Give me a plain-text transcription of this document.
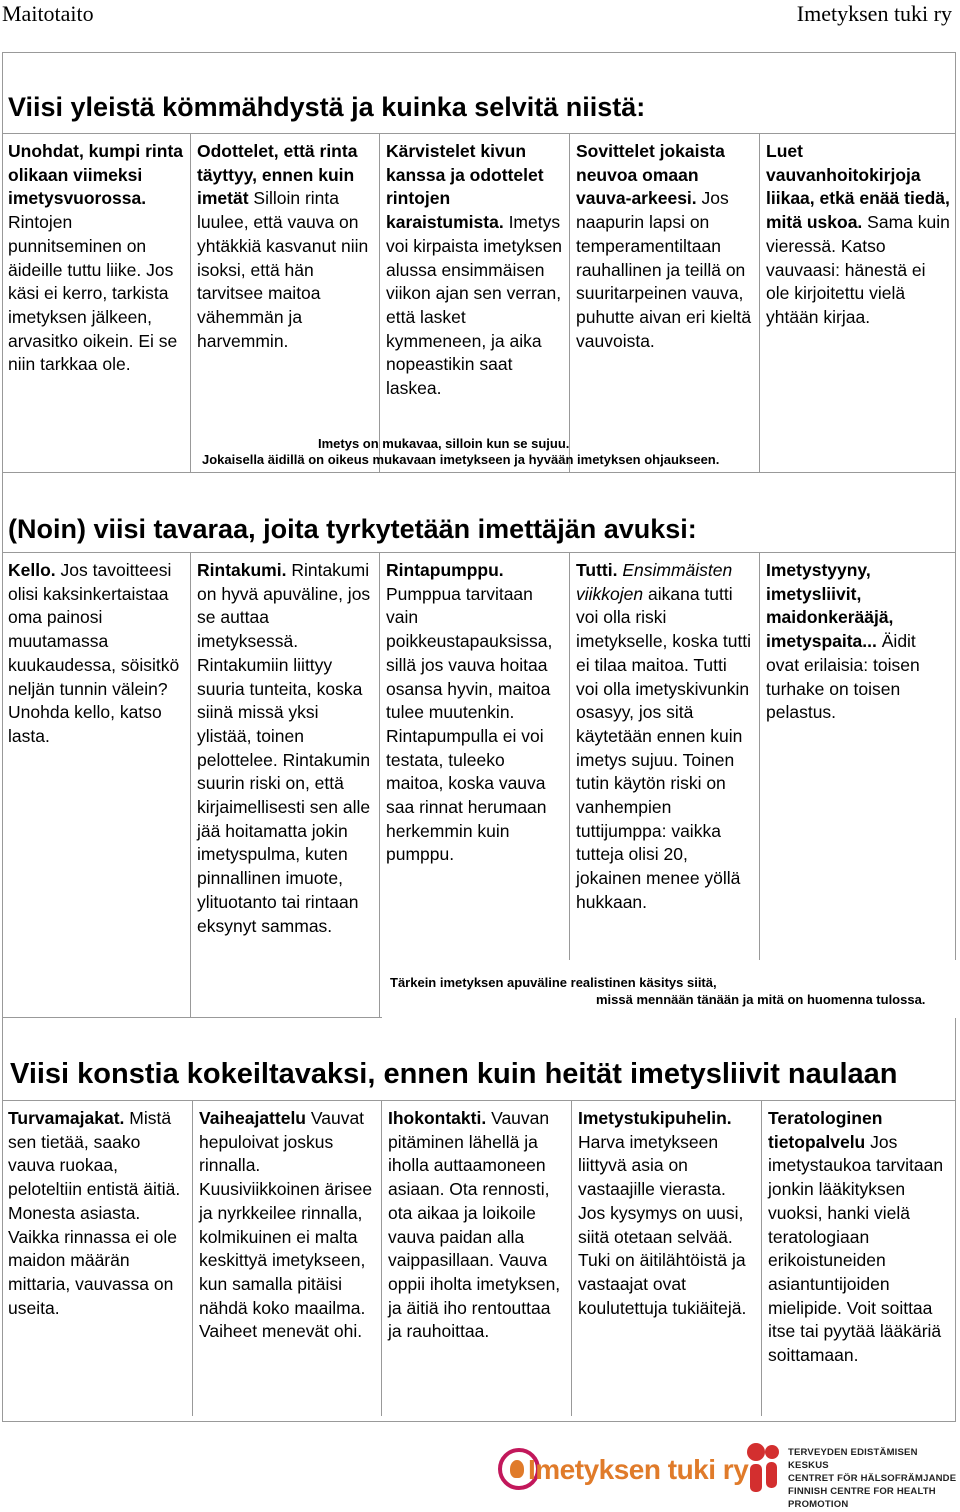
Maitotaito	Imetyksen tuki ry
Viisi yleistä kömmähdystä ja kuinka selvitä niistä:
Unohdat, kumpi rinta olikaan viimeksi imetysvuorossa. Rintojen punnitseminen on äideille tuttu liike. Jos käsi ei kerro, tarkista imetyksen jälkeen, arvasitko oikein. Ei se niin tarkkaa ole.
Odottelet, että rinta täyttyy, ennen kuin imetät Silloin rinta luulee, että vauva on yhtäkkiä kasvanut niin isoksi, että hän tarvitsee maitoa vähemmän ja harvemmin.
Kärvistelet kivun kanssa ja odottelet rintojen karaistumista. Imetys voi kirpaista imetyksen alussa ensimmäisen viikon ajan sen verran, että lasket kymmeneen, ja aika nopeastikin saat laskea.
Sovittelet jokaista neuvoa omaan vauva-arkeesi. Jos naapurin lapsi on temperamentiltaan rauhallinen ja teillä on suuritarpeinen vauva, puhutte aivan eri kieltä vauvoista.
Luet vauvanhoitokirjoja liikaa, etkä enää tiedä, mitä uskoa. Sama kuin vieressä. Katso vauvaasi: hänestä ei ole kirjoitettu vielä yhtään kirjaa.
Imetys on mukavaa, silloin kun se sujuu.
Jokaisella äidillä on oikeus mukavaan imetykseen ja hyvään imetyksen ohjaukseen.
(Noin) viisi tavaraa, joita tyrkytetään imettäjän avuksi:
Kello. Jos tavoitteesi olisi kaksinkertaistaa oma painosi muutamassa kuukaudessa, söisitkö neljän tunnin välein? Unohda kello, katso lasta.
Rintakumi. Rintakumi on hyvä apuväline, jos se auttaa imetyksessä. Rintakumiin liittyy suuria tunteita, koska siinä missä yksi ylistää, toinen pelottelee. Rintakumin suurin riski on, että kirjaimellisesti sen alle jää hoitamatta jokin imetyspulma, kuten pinnallinen imuote, ylituotanto tai rintaan eksynyt sammas.
Rintapumppu. Pumppua tarvitaan vain poikkeustapauksissa, sillä jos vauva hoitaa osansa hyvin, maitoa tulee muutenkin. Rintapumpulla ei voi testata, tuleeko maitoa, koska vauva saa rinnat herumaan herkemmin kuin pumppu.
Tutti. Ensimmäisten viikkojen aikana tutti voi olla riski imetykselle, koska tutti ei tilaa maitoa. Tutti voi olla imetyskivunkin osasyy, jos sitä käytetään ennen kuin imetys sujuu. Toinen tutin käytön riski on vanhempien tuttijumppa: vaikka tutteja olisi 20, jokainen menee yöllä hukkaan.
Imetystyyny, imetysliivit, maidonkerääjä, imetyspaita... Äidit ovat erilaisia: toisen turhake on toisen pelastus.
Tärkein imetyksen apuväline realistinen käsitys siitä,
missä mennään tänään ja mitä on huomenna tulossa.
Viisi konstia kokeiltavaksi, ennen kuin heität imetysliivit naulaan
Turvamajakat. Mistä sen tietää, saako vauva ruokaa, peloteltiin entistä äitiä. Monesta asiasta. Vaikka rinnassa ei ole maidon määrän mittaria, vauvassa on useita.
Vaiheajattelu Vauvat hepuloivat joskus rinnalla. Kuusiviikkoinen ärisee ja nyrkkeilee rinnalla, kolmikuinen ei malta keskittyä imetykseen, kun samalla pitäisi nähdä koko maailma. Vaiheet menevät ohi.
Ihokontakti. Vauvan pitäminen lähellä ja iholla auttaamoneen asiaan. Ota rennosti, ota aikaa ja loikoile vauva paidan alla vaippasillaan. Vauva oppii iholta imetyksen, ja äitiä iho rentouttaa ja rauhoittaa.
Imetystukipuhelin. Harva imetykseen liittyvä asia on vastaajille vierasta. Jos kysymys on uusi, siitä otetaan selvää. Tuki on äitilähtöistä ja vastaajat ovat koulutettuja tukiäitejä.
Teratologinen tietopalvelu Jos imetystaukoa tarvitaan jonkin lääkityksen vuoksi, hanki vielä teratologiaan erikoistuneiden asiantuntijoiden mielipide. Voit soittaa itse tai pyytää lääkäriä soittamaan.
Imetyksen tuki ry
TERVEYDEN EDISTÄMISEN KESKUS
CENTRET FÖR HÄLSOFRÄMJANDE
FINNISH CENTRE FOR HEALTH PROMOTION
